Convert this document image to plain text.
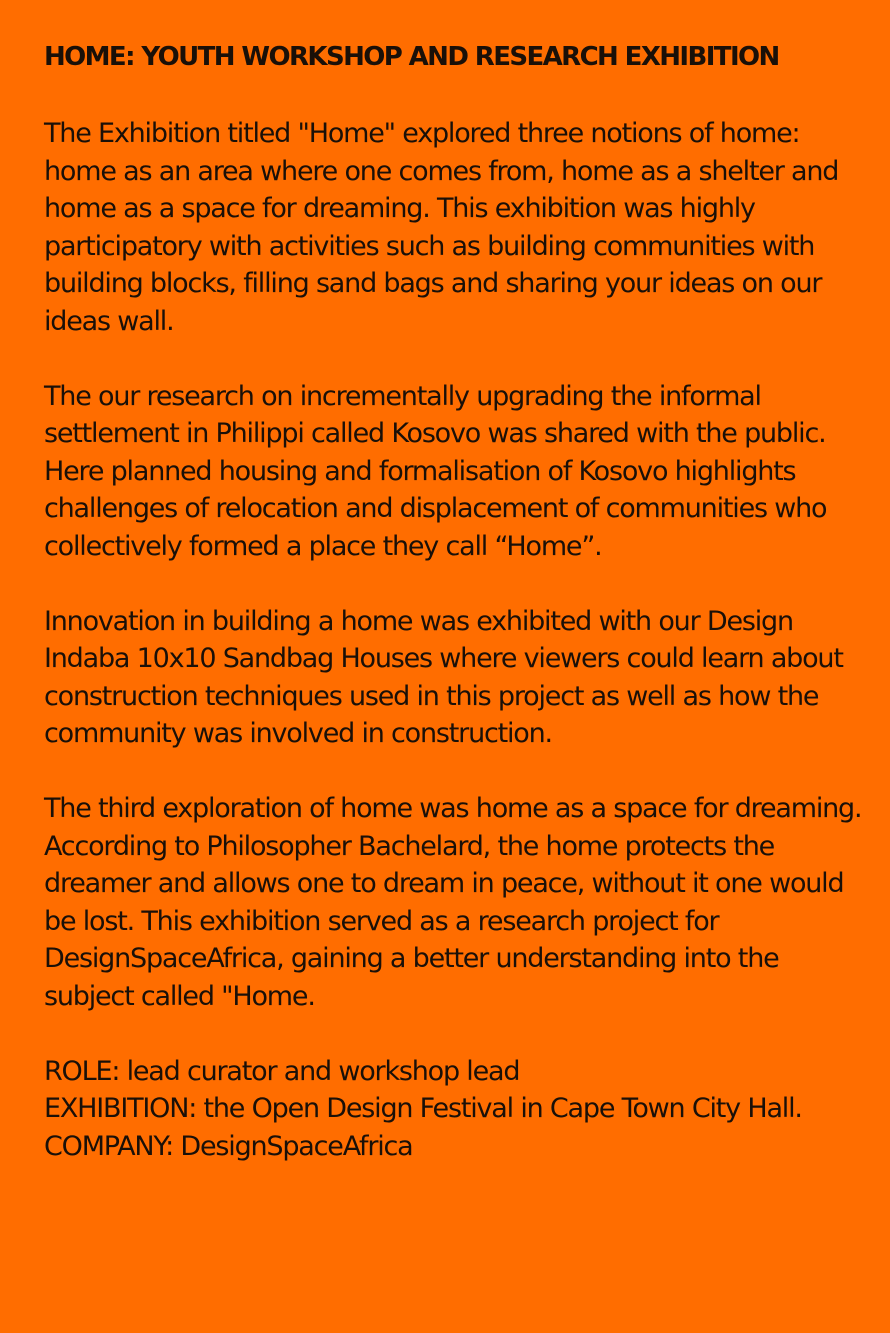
HOME: YOUTH WORKSHOP AND RESEARCH EXHIBITION

The Exhibition titled "Home" explored three notions of home: home as an area where one comes from, home as a shelter and home as a space for dreaming. This exhibition was highly participatory with activities such as building communities with building blocks, filling sand bags and sharing your ideas on our ideas wall.

The our research on incrementally upgrading the informal settlement in Philippi called Kosovo was shared with the public. Here planned housing and formalisation of Kosovo highlights challenges of relocation and displacement of communities who collectively formed a place they call “Home”.

Innovation in building a home was exhibited with our Design Indaba 10x10 Sandbag Houses where viewers could learn about construction techniques used in this project as well as how the community was involved in construction.

The third exploration of home was home as a space for dreaming. According to Philosopher Bachelard, the home protects the dreamer and allows one to dream in peace, without it one would be lost. This exhibition served as a research project for DesignSpaceAfrica, gaining a better understanding into the subject called "Home.

ROLE: lead curator and workshop lead
EXHIBITION: the Open Design Festival in Cape Town City Hall.
COMPANY: DesignSpaceAfrica
